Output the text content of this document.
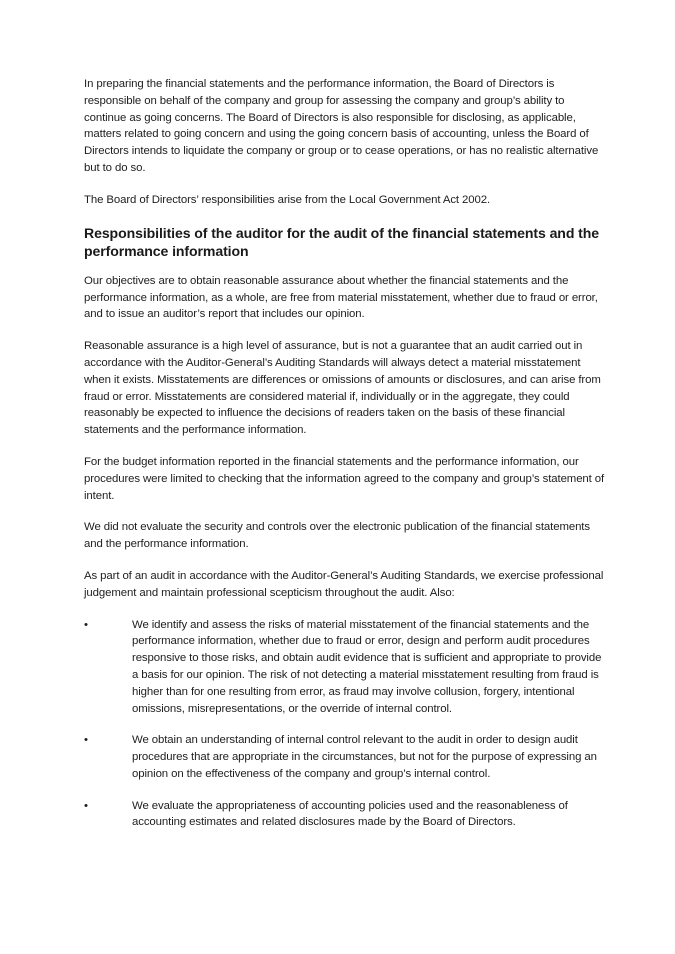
In preparing the financial statements and the performance information, the Board of Directors is responsible on behalf of the company and group for assessing the company and group’s ability to continue as going concerns. The Board of Directors is also responsible for disclosing, as applicable, matters related to going concern and using the going concern basis of accounting, unless the Board of Directors intends to liquidate the company or group or to cease operations, or has no realistic alternative but to do so.

The Board of Directors’ responsibilities arise from the Local Government Act 2002.

Responsibilities of the auditor for the audit of the financial statements and the performance information

Our objectives are to obtain reasonable assurance about whether the financial statements and the performance information, as a whole, are free from material misstatement, whether due to fraud or error, and to issue an auditor’s report that includes our opinion.

Reasonable assurance is a high level of assurance, but is not a guarantee that an audit carried out in accordance with the Auditor-General’s Auditing Standards will always detect a material misstatement when it exists. Misstatements are differences or omissions of amounts or disclosures, and can arise from fraud or error. Misstatements are considered material if, individually or in the aggregate, they could reasonably be expected to influence the decisions of readers taken on the basis of these financial statements and the performance information.

For the budget information reported in the financial statements and the performance information, our procedures were limited to checking that the information agreed to the company and group’s statement of intent.

We did not evaluate the security and controls over the electronic publication of the financial statements and the performance information.

As part of an audit in accordance with the Auditor-General’s Auditing Standards, we exercise professional judgement and maintain professional scepticism throughout the audit. Also:

•	We identify and assess the risks of material misstatement of the financial statements and the performance information, whether due to fraud or error, design and perform audit procedures responsive to those risks, and obtain audit evidence that is sufficient and appropriate to provide a basis for our opinion. The risk of not detecting a material misstatement resulting from fraud is higher than for one resulting from error, as fraud may involve collusion, forgery, intentional omissions, misrepresentations, or the override of internal control.

•	We obtain an understanding of internal control relevant to the audit in order to design audit procedures that are appropriate in the circumstances, but not for the purpose of expressing an opinion on the effectiveness of the company and group’s internal control.

•	We evaluate the appropriateness of accounting policies used and the reasonableness of accounting estimates and related disclosures made by the Board of Directors.
